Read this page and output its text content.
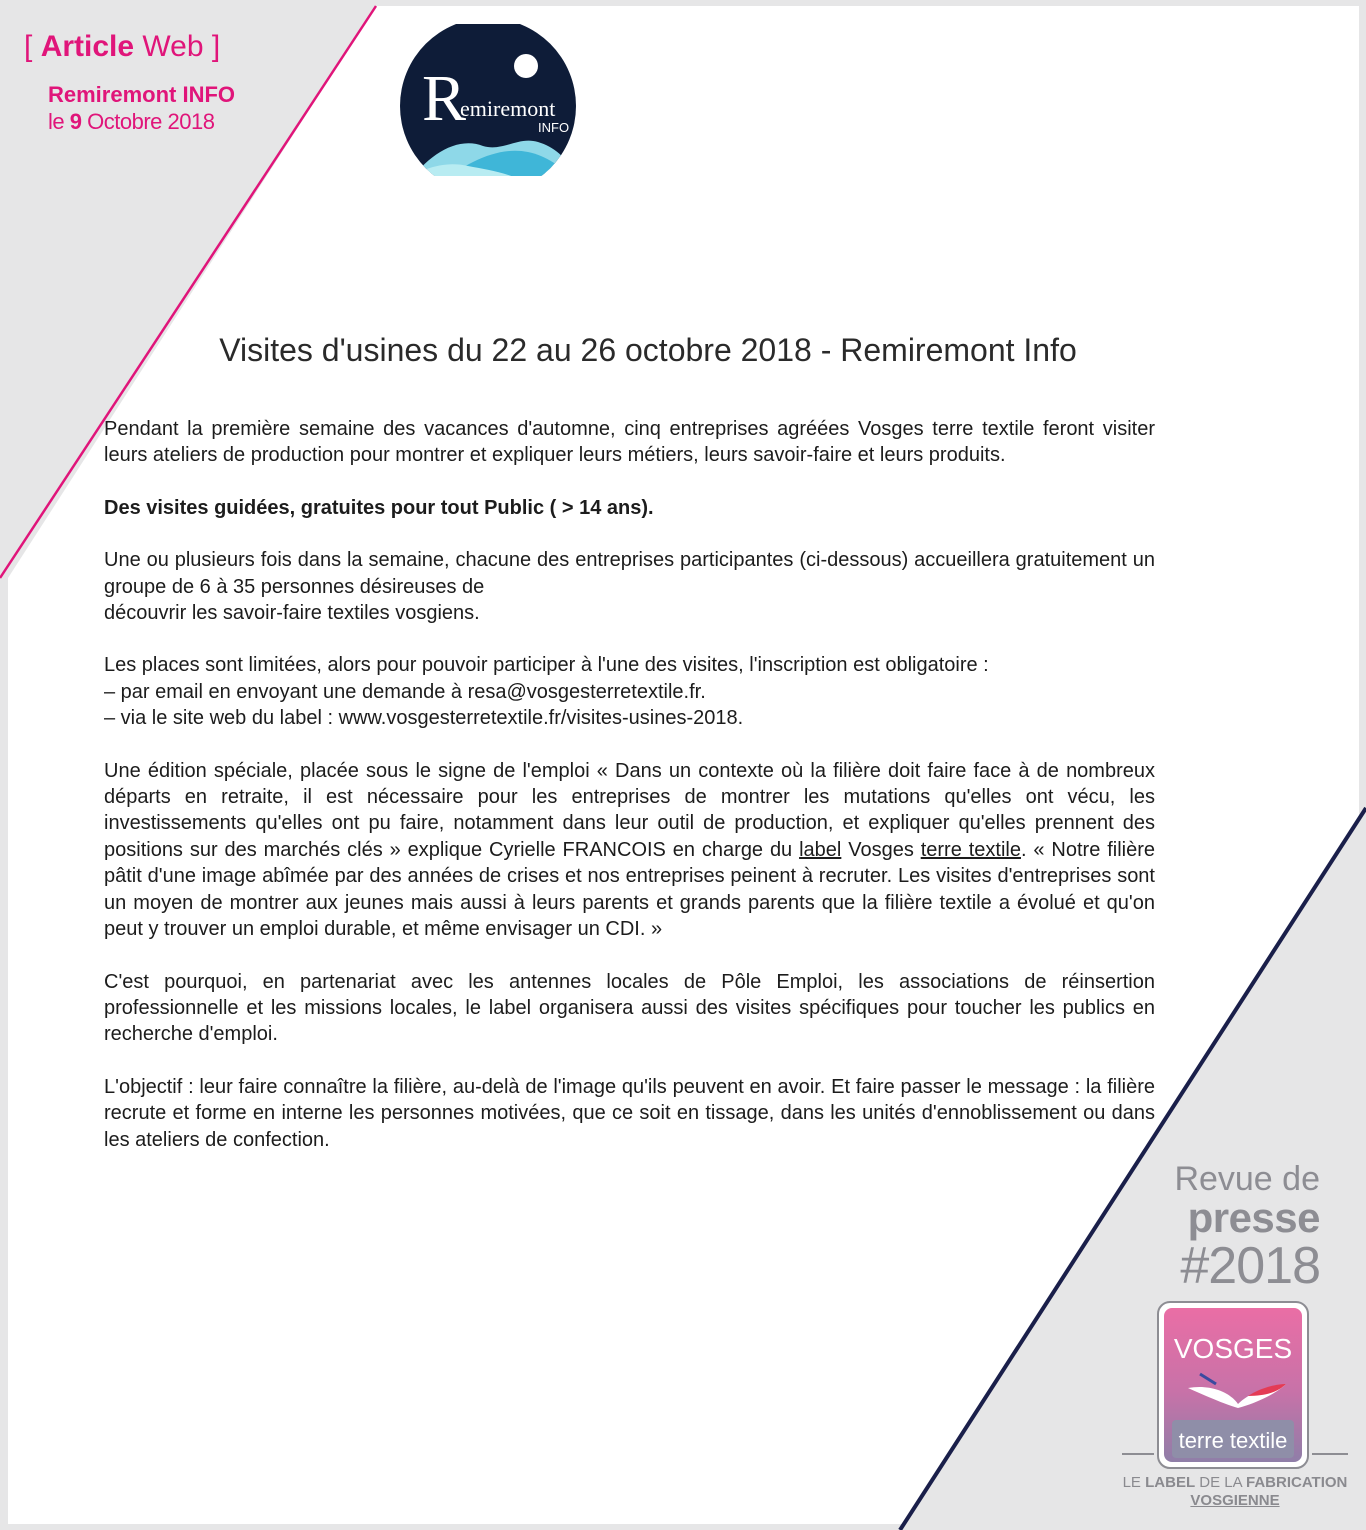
[ Article Web ]

Remiremont INFO

le 9 Octobre 2018	R
emiremont
INFO
Visites d'usines du 22 au 26 octobre 2018 - Remiremont Info

Pendant la première semaine des vacances d'automne, cinq entreprises agréées Vosges terre textile feront visiter leurs ateliers de production pour montrer et expliquer leurs métiers, leurs savoir-faire et leurs produits.

Des visites guidées, gratuites pour tout Public ( > 14 ans).

Une ou plusieurs fois dans la semaine, chacune des entreprises participantes (ci-dessous) accueillera gratuitement un groupe de 6 à 35 personnes désireuses de
découvrir les savoir-faire textiles vosgiens.

Les places sont limitées, alors pour pouvoir participer à l'une des visites, l'inscription est obligatoire :
– par email en envoyant une demande à resa@vosgesterretextile.fr.
– via le site web du label : www.vosgesterretextile.fr/visites-usines-2018.

Une édition spéciale, placée sous le signe de l'emploi « Dans un contexte où la filière doit faire face à de nombreux départs en retraite, il est nécessaire pour les entreprises de montrer les mutations qu'elles ont vécu, les investissements qu'elles ont pu faire, notamment dans leur outil de production, et expliquer qu'elles prennent des positions sur des marchés clés » explique Cyrielle FRANCOIS en charge du label Vosges terre textile. « Notre filière pâtit d'une image abîmée par des années de crises et nos entreprises peinent à recruter. Les visites d'entreprises sont un moyen de montrer aux jeunes mais aussi à leurs parents et grands parents que la filière textile a évolué et qu'on peut y trouver un emploi durable, et même envisager un CDI. »

C'est pourquoi, en partenariat avec les antennes locales de Pôle Emploi, les associations de réinsertion professionnelle et les missions locales, le label organisera aussi des visites spécifiques pour toucher les publics en recherche d'emploi.

L'objectif : leur faire connaître la filière, au-delà de l'image qu'ils peuvent en avoir. Et faire passer le message : la filière recrute et forme en interne les personnes motivées, que ce soit en tissage, dans les unités d'ennoblissement ou dans les ateliers de confection.

Revue de
presse
#2018
VOSGES
terre textile
LE LABEL DE LA FABRICATION
VOSGIENNE
